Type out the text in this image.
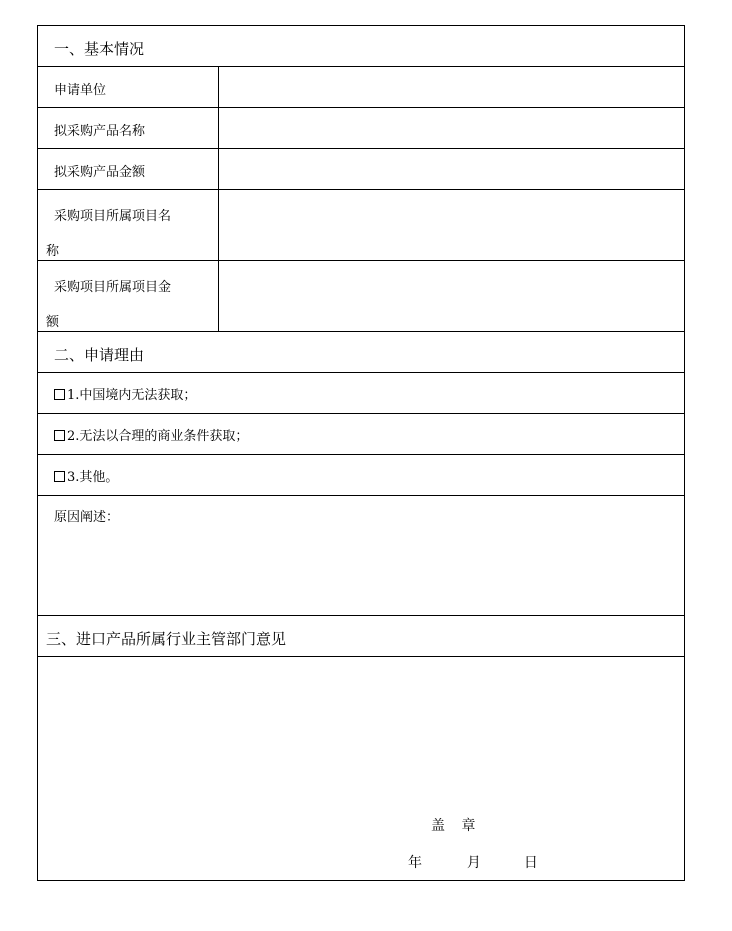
一、基本情况
申请单位
拟采购产品名称
拟采购产品金额
采购项目所属项目名
称
采购项目所属项目金
额
二、申请理由
1.中国境内无法获取；
2.无法以合理的商业条件获取；
3.其他。
原因阐述：
三、进口产品所属行业主管部门意见
盖 章
年	月	日
